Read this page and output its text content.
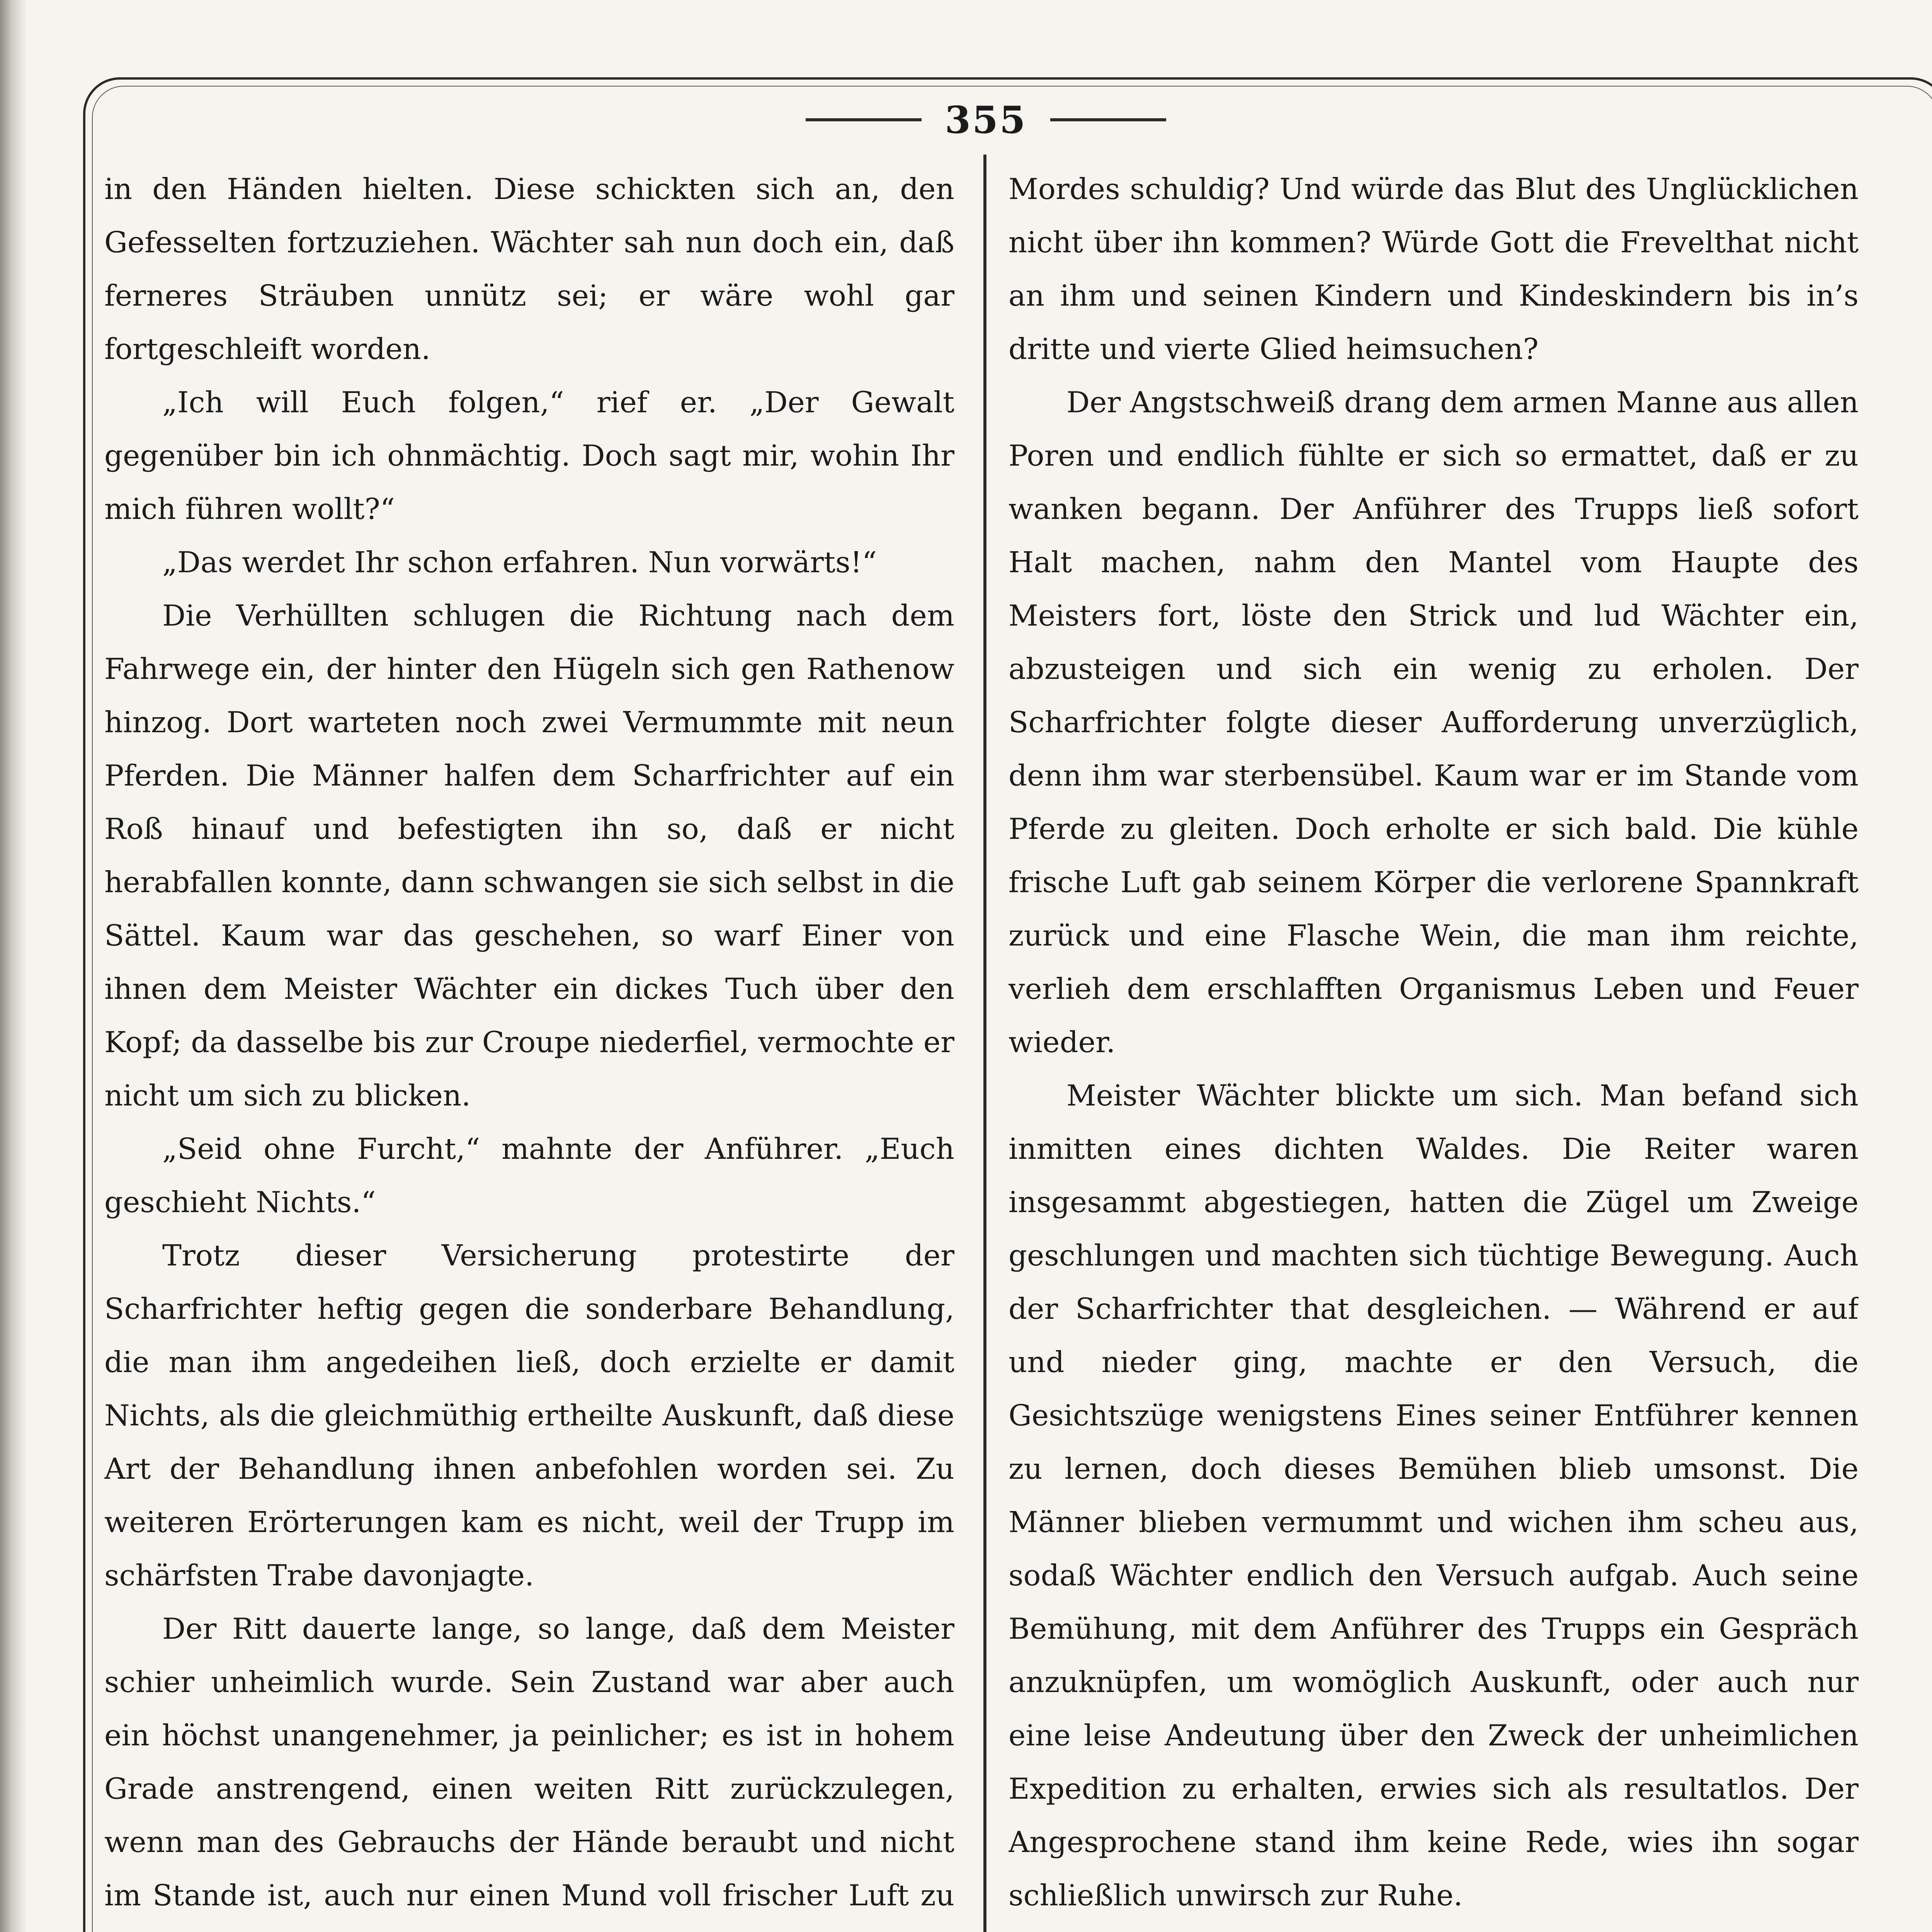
355

in den Händen hielten. Diese schickten sich an, den Gefesselten fortzuziehen. Wächter sah nun doch ein, daß ferneres Sträuben unnütz sei; er wäre wohl gar fortgeschleift worden.

„Ich will Euch folgen,“ rief er. „Der Gewalt gegenüber bin ich ohnmächtig. Doch sagt mir, wohin Ihr mich führen wollt?“

„Das werdet Ihr schon erfahren. Nun vorwärts!“

Die Verhüllten schlugen die Richtung nach dem Fahrwege ein, der hinter den Hügeln sich gen Rathenow hinzog. Dort warteten noch zwei Vermummte mit neun Pferden. Die Männer halfen dem Scharfrichter auf ein Roß hinauf und befestigten ihn so, daß er nicht herabfallen konnte, dann schwangen sie sich selbst in die Sättel. Kaum war das geschehen, so warf Einer von ihnen dem Meister Wächter ein dickes Tuch über den Kopf; da dasselbe bis zur Croupe niederfiel, vermochte er nicht um sich zu blicken.

„Seid ohne Furcht,“ mahnte der Anführer. „Euch geschieht Nichts.“

Trotz dieser Versicherung protestirte der Scharfrichter heftig gegen die sonderbare Behandlung, die man ihm angedeihen ließ, doch erzielte er damit Nichts, als die gleichmüthig ertheilte Auskunft, daß diese Art der Behandlung ihnen anbefohlen worden sei. Zu weiteren Erörterungen kam es nicht, weil der Trupp im schärfsten Trabe davonjagte.

Der Ritt dauerte lange, so lange, daß dem Meister schier unheimlich wurde. Sein Zustand war aber auch ein höchst unangenehmer, ja peinlicher; es ist in hohem Grade anstrengend, einen weiten Ritt zurückzulegen, wenn man des Gebrauchs der Hände beraubt und nicht im Stande ist, auch nur einen Mund voll frischer Luft zu

Mordes schuldig? Und würde das Blut des Unglücklichen nicht über ihn kommen? Würde Gott die Frevelthat nicht an ihm und seinen Kindern und Kindeskindern bis in’s dritte und vierte Glied heimsuchen?

Der Angstschweiß drang dem armen Manne aus allen Poren und endlich fühlte er sich so ermattet, daß er zu wanken begann. Der Anführer des Trupps ließ sofort Halt machen, nahm den Mantel vom Haupte des Meisters fort, löste den Strick und lud Wächter ein, abzusteigen und sich ein wenig zu erholen. Der Scharfrichter folgte dieser Aufforderung unverzüglich, denn ihm war sterbensübel. Kaum war er im Stande vom Pferde zu gleiten. Doch erholte er sich bald. Die kühle frische Luft gab seinem Körper die verlorene Spannkraft zurück und eine Flasche Wein, die man ihm reichte, verlieh dem erschlafften Organismus Leben und Feuer wieder.

Meister Wächter blickte um sich. Man befand sich inmitten eines dichten Waldes. Die Reiter waren insgesammt abgestiegen, hatten die Zügel um Zweige geschlungen und machten sich tüchtige Bewegung. Auch der Scharfrichter that desgleichen. — Während er auf und nieder ging, machte er den Versuch, die Gesichtszüge wenigstens Eines seiner Entführer kennen zu lernen, doch dieses Bemühen blieb umsonst. Die Männer blieben vermummt und wichen ihm scheu aus, sodaß Wächter endlich den Versuch aufgab. Auch seine Bemühung, mit dem Anführer des Trupps ein Gespräch anzuknüpfen, um womöglich Auskunft, oder auch nur eine leise Andeutung über den Zweck der unheimlichen Expedition zu erhalten, erwies sich als resultatlos. Der Angesprochene stand ihm keine Rede, wies ihn sogar schließlich unwirsch zur Ruhe.
